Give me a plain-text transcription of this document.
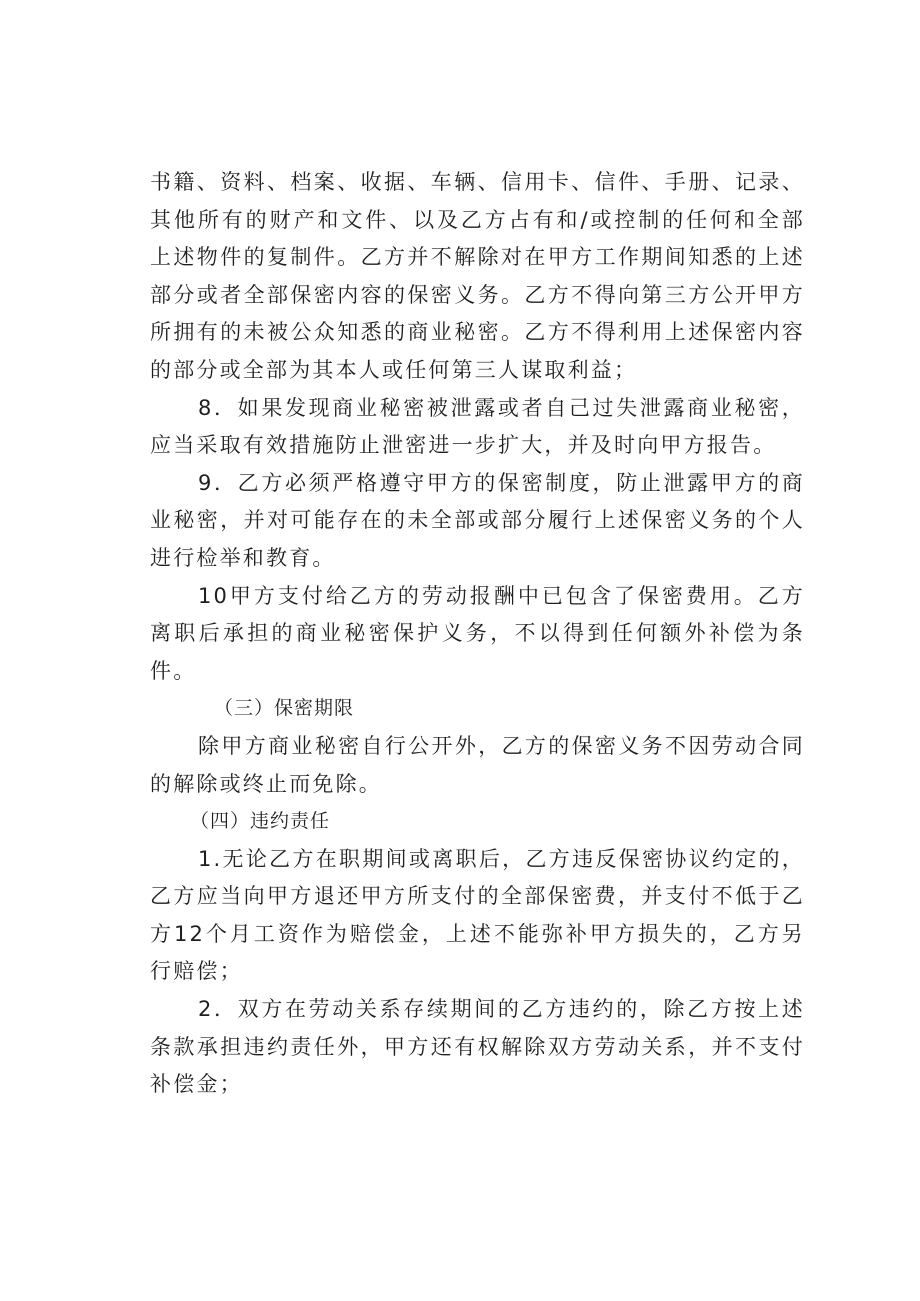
书籍、资料、档案、收据、车辆、信用卡、信件、手册、记录、其他所有的财产和文件、以及乙方占有和/或控制的任何和全部上述物件的复制件。乙方并不解除对在甲方工作期间知悉的上述部分或者全部保密内容的保密义务。乙方不得向第三方公开甲方所拥有的未被公众知悉的商业秘密。乙方不得利用上述保密内容的部分或全部为其本人或任何第三人谋取利益；

8．如果发现商业秘密被泄露或者自己过失泄露商业秘密，应当采取有效措施防止泄密进一步扩大，并及时向甲方报告。

9．乙方必须严格遵守甲方的保密制度，防止泄露甲方的商业秘密，并对可能存在的未全部或部分履行上述保密义务的个人进行检举和教育。

10甲方支付给乙方的劳动报酬中已包含了保密费用。乙方离职后承担的商业秘密保护义务，不以得到任何额外补偿为条件。

（三）保密期限

除甲方商业秘密自行公开外，乙方的保密义务不因劳动合同的解除或终止而免除。

（四）违约责任

1.无论乙方在职期间或离职后，乙方违反保密协议约定的，乙方应当向甲方退还甲方所支付的全部保密费，并支付不低于乙方12个月工资作为赔偿金，上述不能弥补甲方损失的，乙方另行赔偿；

2．双方在劳动关系存续期间的乙方违约的，除乙方按上述条款承担违约责任外，甲方还有权解除双方劳动关系，并不支付补偿金；
